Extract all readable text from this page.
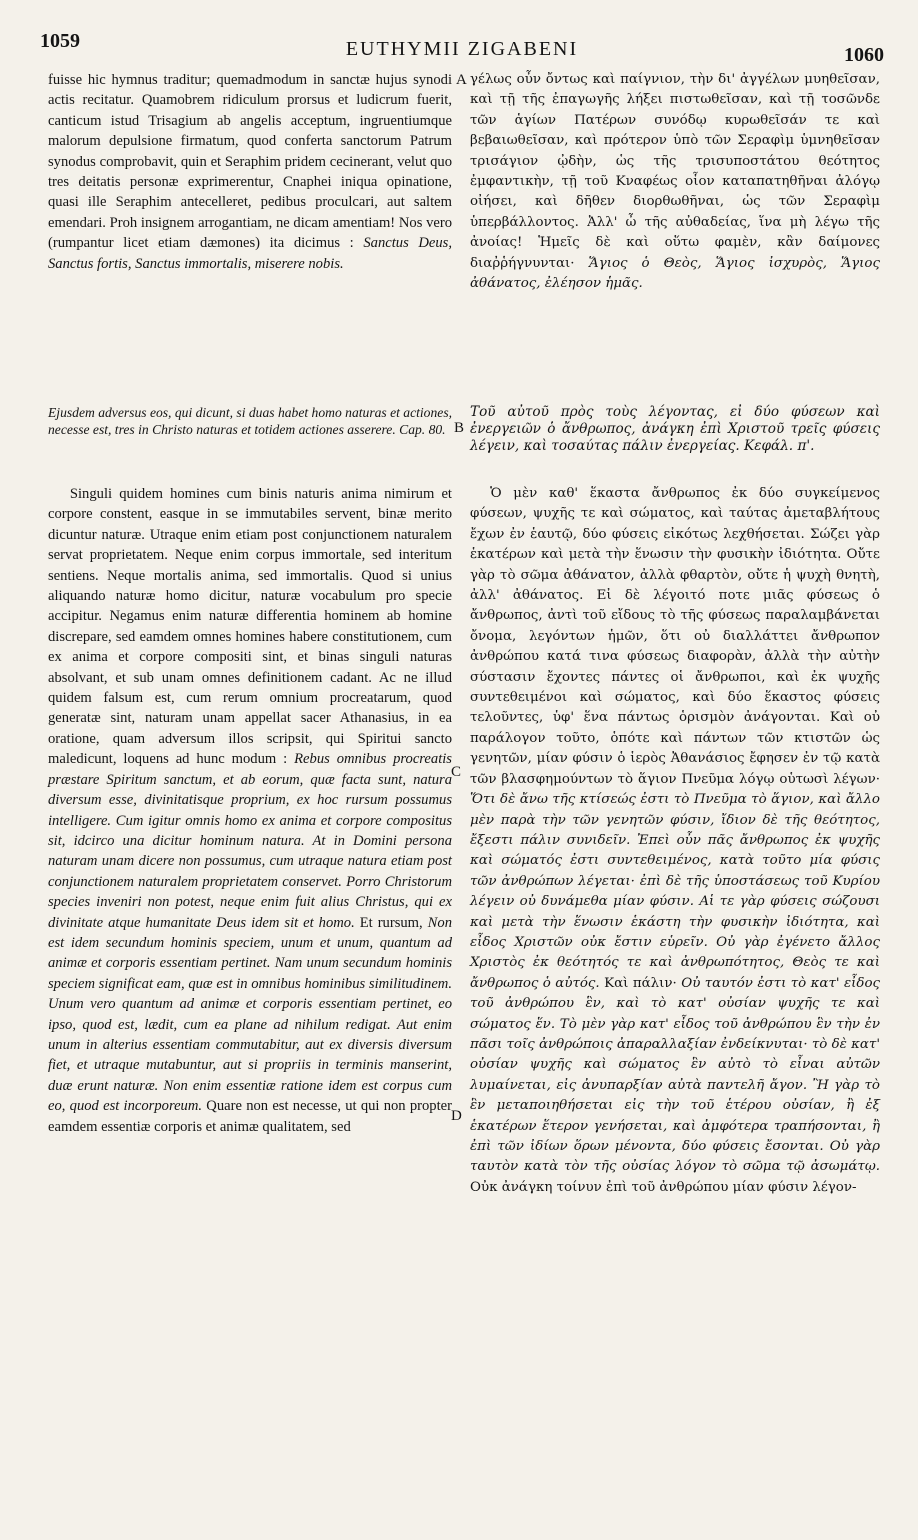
1059	EUTHYMII ZIGABENI	1060
A
B
C
D

fuisse hic hymnus traditur; quemadmodum in sanctæ hujus synodi actis recitatur. Quamobrem ridiculum prorsus et ludicrum fuerit, canticum istud Trisagium ab angelis acceptum, ingruentiumque malorum depulsione firmatum, quod conferta sanctorum Patrum synodus comprobavit, quin et Seraphim pridem cecinerant, velut quo tres deitatis personæ exprimerentur, Cnaphei iniqua opinatione, quasi ille Seraphim antecelleret, pedibus proculcari, aut saltem emendari. Proh insignem arrogantiam, ne dicam amentiam! Nos vero (rumpantur licet etiam dæmones) ita dicimus : Sanctus Deus, Sanctus fortis, Sanctus immortalis, miserere nobis.

Ejusdem adversus eos, qui dicunt, si duas habet homo naturas et actiones, necesse est, tres in Christo naturas et totidem actiones asserere. Cap. 80.

Singuli quidem homines cum binis naturis anima nimirum et corpore constent, easque in se immutabiles servent, binæ merito dicuntur naturæ. Utraque enim etiam post conjunctionem naturalem servat proprietatem. Neque enim corpus immortale, sed interitum sentiens. Neque mortalis anima, sed immortalis. Quod si unius aliquando naturæ homo dicitur, naturæ vocabulum pro specie accipitur. Negamus enim naturæ differentia hominem ab homine discrepare, sed eamdem omnes homines habere constitutionem, cum ex anima et corpore compositi sint, et binas singuli naturas absolvant, et sub unam omnes definitionem cadant. Ac ne illud quidem falsum est, cum rerum omnium procreatarum, quod generatæ sint, naturam unam appellat sacer Athanasius, in ea oratione, quam adversum illos scripsit, qui Spiritui sancto maledicunt, loquens ad hunc modum : Rebus omnibus procreatis præstare Spiritum sanctum, et ab eorum, quæ facta sunt, natura diversum esse, divinitatisque proprium, ex hoc rursum possumus intelligere. Cum igitur omnis homo ex anima et corpore compositus sit, idcirco una dicitur hominum natura. At in Domini persona naturam unam dicere non possumus, cum utraque natura etiam post conjunctionem naturalem proprietatem conservet. Porro Christorum species inveniri non potest, neque enim fuit alius Christus, qui ex divinitate atque humanitate Deus idem sit et homo. Et rursum, Non est idem secundum hominis speciem, unum et unum, quantum ad animæ et corporis essentiam pertinet. Nam unum secundum hominis speciem significat eam, quæ est in omnibus hominibus similitudinem. Unum vero quantum ad animæ et corporis essentiam pertinet, eo ipso, quod est, lædit, cum ea plane ad nihilum redigat. Aut enim unum in alterius essentiam commutabitur, aut ex diversis diversum fiet, et utraque mutabuntur, aut si propriis in terminis manserint, duæ erunt naturæ. Non enim essentiæ ratione idem est corpus cum eo, quod est incorporeum. Quare non est necesse, ut qui non propter eamdem essentiæ corporis et animæ qualitatem, sed

γέλως οὖν ὄντως καὶ παίγνιον, τὴν δι' ἀγγέλων μυηθεῖσαν, καὶ τῇ τῆς ἐπαγωγῆς λήξει πιστωθεῖσαν, καὶ τῇ τοσῶνδε τῶν ἁγίων Πατέρων συνόδῳ κυρωθεῖσάν τε καὶ βεβαιωθεῖσαν, καὶ πρότερον ὑπὸ τῶν Σεραφὶμ ὑμνηθεῖσαν τρισάγιον ᾠδὴν, ὡς τῆς τρισυποστάτου θεότητος ἐμφαντικὴν, τῇ τοῦ Κναφέως οἷον καταπατηθῆναι ἀλόγῳ οἰήσει, καὶ δῆθεν διορθωθῆναι, ὡς τῶν Σεραφὶμ ὑπερβάλλοντος. Ἀλλ' ὦ τῆς αὐθαδείας, ἵνα μὴ λέγω τῆς ἀνοίας! Ἡμεῖς δὲ καὶ οὕτω φαμὲν, κἂν δαίμονες διαῤῥήγνυνται· Ἅγιος ὁ Θεὸς, Ἅγιος ἰσχυρὸς, Ἅγιος ἀθάνατος, ἐλέησον ἡμᾶς.

Τοῦ αὐτοῦ πρὸς τοὺς λέγοντας, εἰ δύο φύσεων καὶ ἐνεργειῶν ὁ ἄνθρωπος, ἀνάγκη ἐπὶ Χριστοῦ τρεῖς φύσεις λέγειν, καὶ τοσαύτας πάλιν ἐνεργείας. Κεφάλ. π'.

Ὁ μὲν καθ' ἕκαστα ἄνθρωπος ἐκ δύο συγκείμενος φύσεων, ψυχῆς τε καὶ σώματος, καὶ ταύτας ἀμεταβλήτους ἔχων ἐν ἑαυτῷ, δύο φύσεις εἰκότως λεχθήσεται. Σώζει γὰρ ἑκατέρων καὶ μετὰ τὴν ἕνωσιν τὴν φυσικὴν ἰδιότητα. Οὔτε γὰρ τὸ σῶμα ἀθάνατον, ἀλλὰ φθαρτὸν, οὔτε ἡ ψυχὴ θνητὴ, ἀλλ' ἀθάνατος. Εἰ δὲ λέγοιτό ποτε μιᾶς φύσεως ὁ ἄνθρωπος, ἀντὶ τοῦ εἴδους τὸ τῆς φύσεως παραλαμβάνεται ὄνομα, λεγόντων ἡμῶν, ὅτι οὐ διαλλάττει ἄνθρωπον ἀνθρώπου κατά τινα φύσεως διαφορὰν, ἀλλὰ τὴν αὐτὴν σύστασιν ἔχοντες πάντες οἱ ἄνθρωποι, καὶ ἐκ ψυχῆς συντεθειμένοι καὶ σώματος, καὶ δύο ἕκαστος φύσεις τελοῦντες, ὑφ' ἕνα πάντως ὁρισμὸν ἀνάγονται. Καὶ οὐ παράλογον τοῦτο, ὁπότε καὶ πάντων τῶν κτιστῶν ὡς γενητῶν, μίαν φύσιν ὁ ἱερὸς Ἀθανάσιος ἔφησεν ἐν τῷ κατὰ τῶν βλασφημούντων τὸ ἅγιον Πνεῦμα λόγῳ οὑτωσὶ λέγων· Ὅτι δὲ ἄνω τῆς κτίσεώς ἐστι τὸ Πνεῦμα τὸ ἅγιον, καὶ ἄλλο μὲν παρὰ τὴν τῶν γενητῶν φύσιν, ἴδιον δὲ τῆς θεότητος, ἔξεστι πάλιν συνιδεῖν. Ἐπεὶ οὖν πᾶς ἄνθρωπος ἐκ ψυχῆς καὶ σώματός ἐστι συντεθειμένος, κατὰ τοῦτο μία φύσις τῶν ἀνθρώπων λέγεται· ἐπὶ δὲ τῆς ὑποστάσεως τοῦ Κυρίου λέγειν οὐ δυνάμεθα μίαν φύσιν. Αἱ τε γὰρ φύσεις σώζουσι καὶ μετὰ τὴν ἕνωσιν ἑκάστη τὴν φυσικὴν ἰδιότητα, καὶ εἶδος Χριστῶν οὐκ ἔστιν εὑρεῖν. Οὐ γὰρ ἐγένετο ἄλλος Χριστὸς ἐκ θεότητός τε καὶ ἀνθρωπότητος, Θεὸς τε καὶ ἄνθρωπος ὁ αὐτός. Καὶ πάλιν· Οὐ ταυτόν ἐστι τὸ κατ' εἶδος τοῦ ἀνθρώπου ἓν, καὶ τὸ κατ' οὐσίαν ψυχῆς τε καὶ σώματος ἕν. Τὸ μὲν γὰρ κατ' εἶδος τοῦ ἀνθρώπου ἓν τὴν ἐν πᾶσι τοῖς ἀνθρώποις ἀπαραλλαξίαν ἐνδείκνυται· τὸ δὲ κατ' οὐσίαν ψυχῆς καὶ σώματος ἓν αὐτὸ τὸ εἶναι αὐτῶν λυμαίνεται, εἰς ἀνυπαρξίαν αὐτὰ παντελῆ ἄγον. Ἢ γὰρ τὸ ἓν μεταποιηθήσεται εἰς τὴν τοῦ ἑτέρου οὐσίαν, ἢ ἐξ ἑκατέρων ἕτερον γενήσεται, καὶ ἀμφότερα τραπήσονται, ἢ ἐπὶ τῶν ἰδίων ὅρων μένοντα, δύο φύσεις ἔσονται. Οὐ γὰρ ταυτὸν κατὰ τὸν τῆς οὐσίας λόγον τὸ σῶμα τῷ ἀσωμάτῳ. Οὐκ ἀνάγκη τοίνυν ἐπὶ τοῦ ἀνθρώπου μίαν φύσιν λέγον-
